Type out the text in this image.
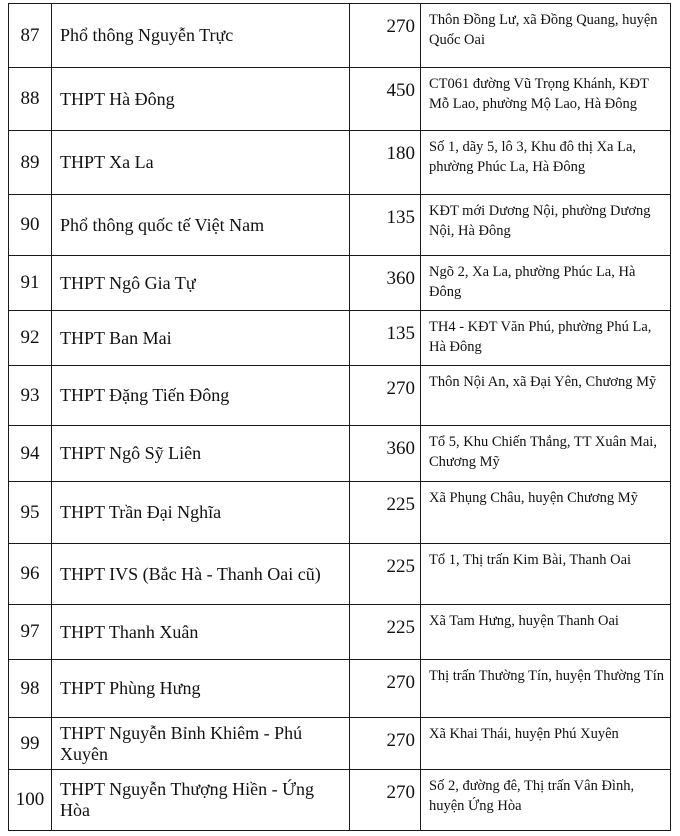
87	Phổ thông Nguyễn Trực	270	Thôn Đồng Lư, xã Đồng Quang, huyện Quốc Oai
88	THPT Hà Đông	450	CT061 đường Vũ Trọng Khánh, KĐT Mỗ Lao, phường Mộ Lao, Hà Đông
89	THPT Xa La	180	Số 1, dãy 5, lô 3, Khu đô thị Xa La, phường Phúc La, Hà Đông
90	Phổ thông quốc tế Việt Nam	135	KĐT mới Dương Nội, phường Dương Nội, Hà Đông
91	THPT Ngô Gia Tự	360	Ngõ 2, Xa La, phường Phúc La, Hà Đông
92	THPT Ban Mai	135	TH4 - KĐT Văn Phú, phường Phú La, Hà Đông
93	THPT Đặng Tiến Đông	270	Thôn Nội An, xã Đại Yên, Chương Mỹ
94	THPT Ngô Sỹ Liên	360	Tổ 5, Khu Chiến Thắng, TT Xuân Mai, Chương Mỹ
95	THPT Trần Đại Nghĩa	225	Xã Phụng Châu, huyện Chương Mỹ
96	THPT IVS (Bắc Hà - Thanh Oai cũ)	225	Tổ 1, Thị trấn Kim Bài, Thanh Oai
97	THPT Thanh Xuân	225	Xã Tam Hưng, huyện Thanh Oai
98	THPT Phùng Hưng	270	Thị trấn Thường Tín, huyện Thường Tín
99	THPT Nguyễn Bỉnh Khiêm - Phú Xuyên	270	Xã Khai Thái, huyện Phú Xuyên
100	THPT Nguyễn Thượng Hiền - Ứng Hòa	270	Số 2, đường đê, Thị trấn Vân Đình, huyện Ứng Hòa
